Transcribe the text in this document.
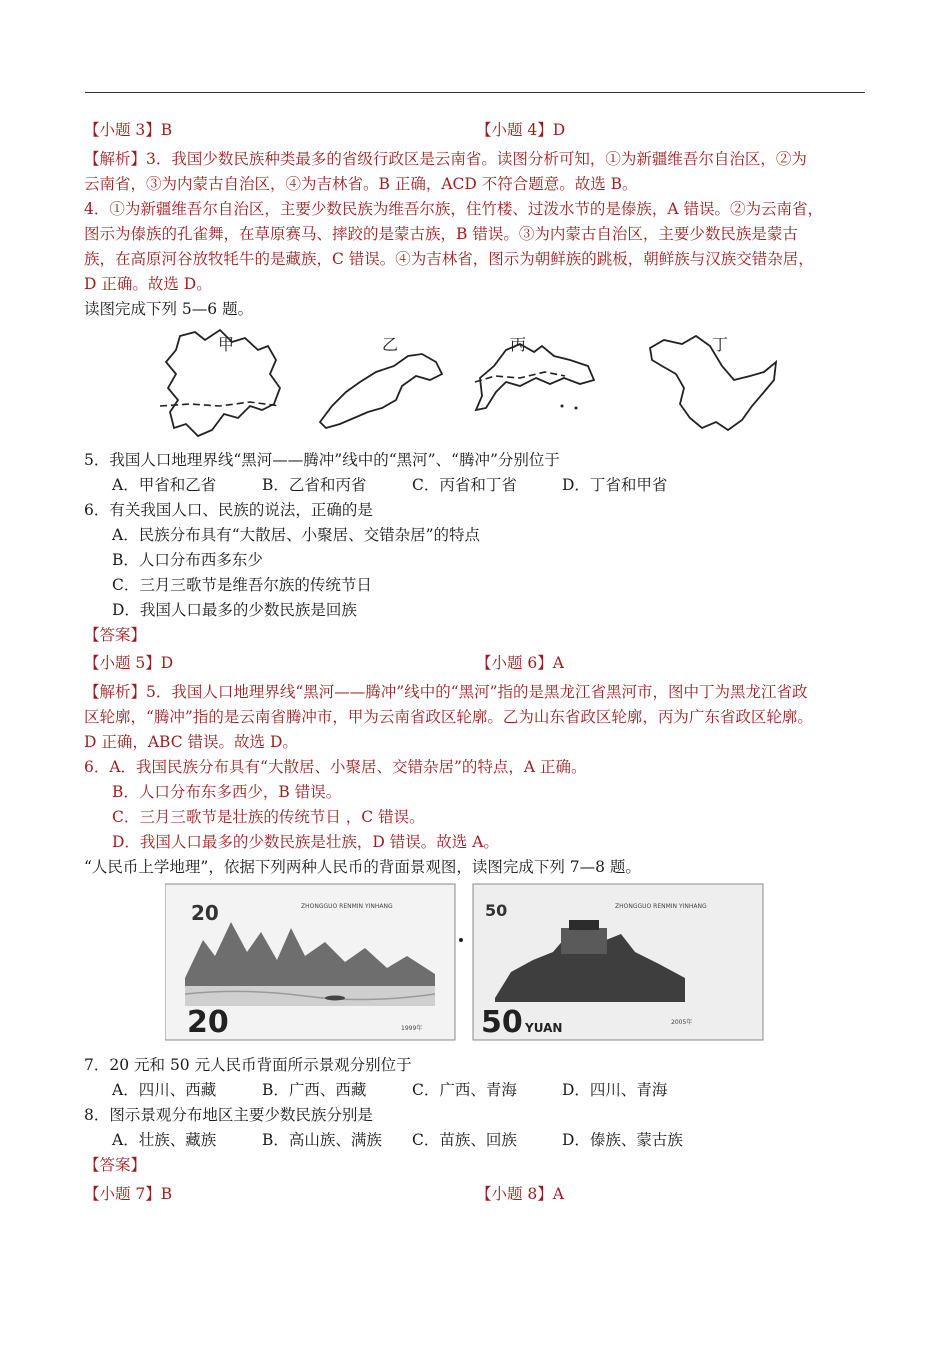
【小题 3】B	【小题 4】D
【解析】3．我国少数民族种类最多的省级行政区是云南省。读图分析可知，①为新疆维吾尔自治区，②为
云南省，③为内蒙古自治区，④为吉林省。B 正确，ACD 不符合题意。故选 B。
4．①为新疆维吾尔自治区，主要少数民族为维吾尔族，住竹楼、过泼水节的是傣族，A 错误。②为云南省，
图示为傣族的孔雀舞，在草原赛马、摔跤的是蒙古族，B 错误。③为内蒙古自治区，主要少数民族是蒙古
族，在高原河谷放牧牦牛的是藏族，C 错误。④为吉林省，图示为朝鲜族的跳板，朝鲜族与汉族交错杂居，
D 正确。故选 D。
读图完成下列 5—6 题。
甲	乙	丙	丁
5．我国人口地理界线“黑河——腾冲”线中的“黑河”、“腾冲”分别位于
A．甲省和乙省	B．乙省和丙省	C．丙省和丁省	D．丁省和甲省
6．有关我国人口、民族的说法，正确的是
A．民族分布具有“大散居、小聚居、交错杂居”的特点
B．人口分布西多东少
C．三月三歌节是维吾尔族的传统节日
D．我国人口最多的少数民族是回族
【答案】
【小题 5】D	【小题 6】A
【解析】5．我国人口地理界线“黑河——腾冲”线中的“黑河”指的是黑龙江省黑河市，图中丁为黑龙江省政
区轮廓，“腾冲”指的是云南省腾冲市，甲为云南省政区轮廓。乙为山东省政区轮廓，丙为广东省政区轮廓。
D 正确，ABC 错误。故选 D。
6．A．我国民族分布具有“大散居、小聚居、交错杂居”的特点，A 正确。
B．人口分布东多西少，B 错误。
C．三月三歌节是壮族的传统节日 ，C 错误。
D．我国人口最多的少数民族是壮族，D 错误。故选 A。
“人民币上学地理”，依据下列两种人民币的背面景观图，读图完成下列 7—8 题。
20	ZHONGGUO RENMIN YINHANG
20	1999年
50	ZHONGGUO RENMIN YINHANG
50 YUAN	2005年
7．20 元和 50 元人民币背面所示景观分别位于
A．四川、西藏	B．广西、西藏	C．广西、青海	D．四川、青海
8．图示景观分布地区主要少数民族分别是
A．壮族、藏族	B．高山族、满族 C．苗族、回族	D．傣族、蒙古族
【答案】
【小题 7】B	【小题 8】A
